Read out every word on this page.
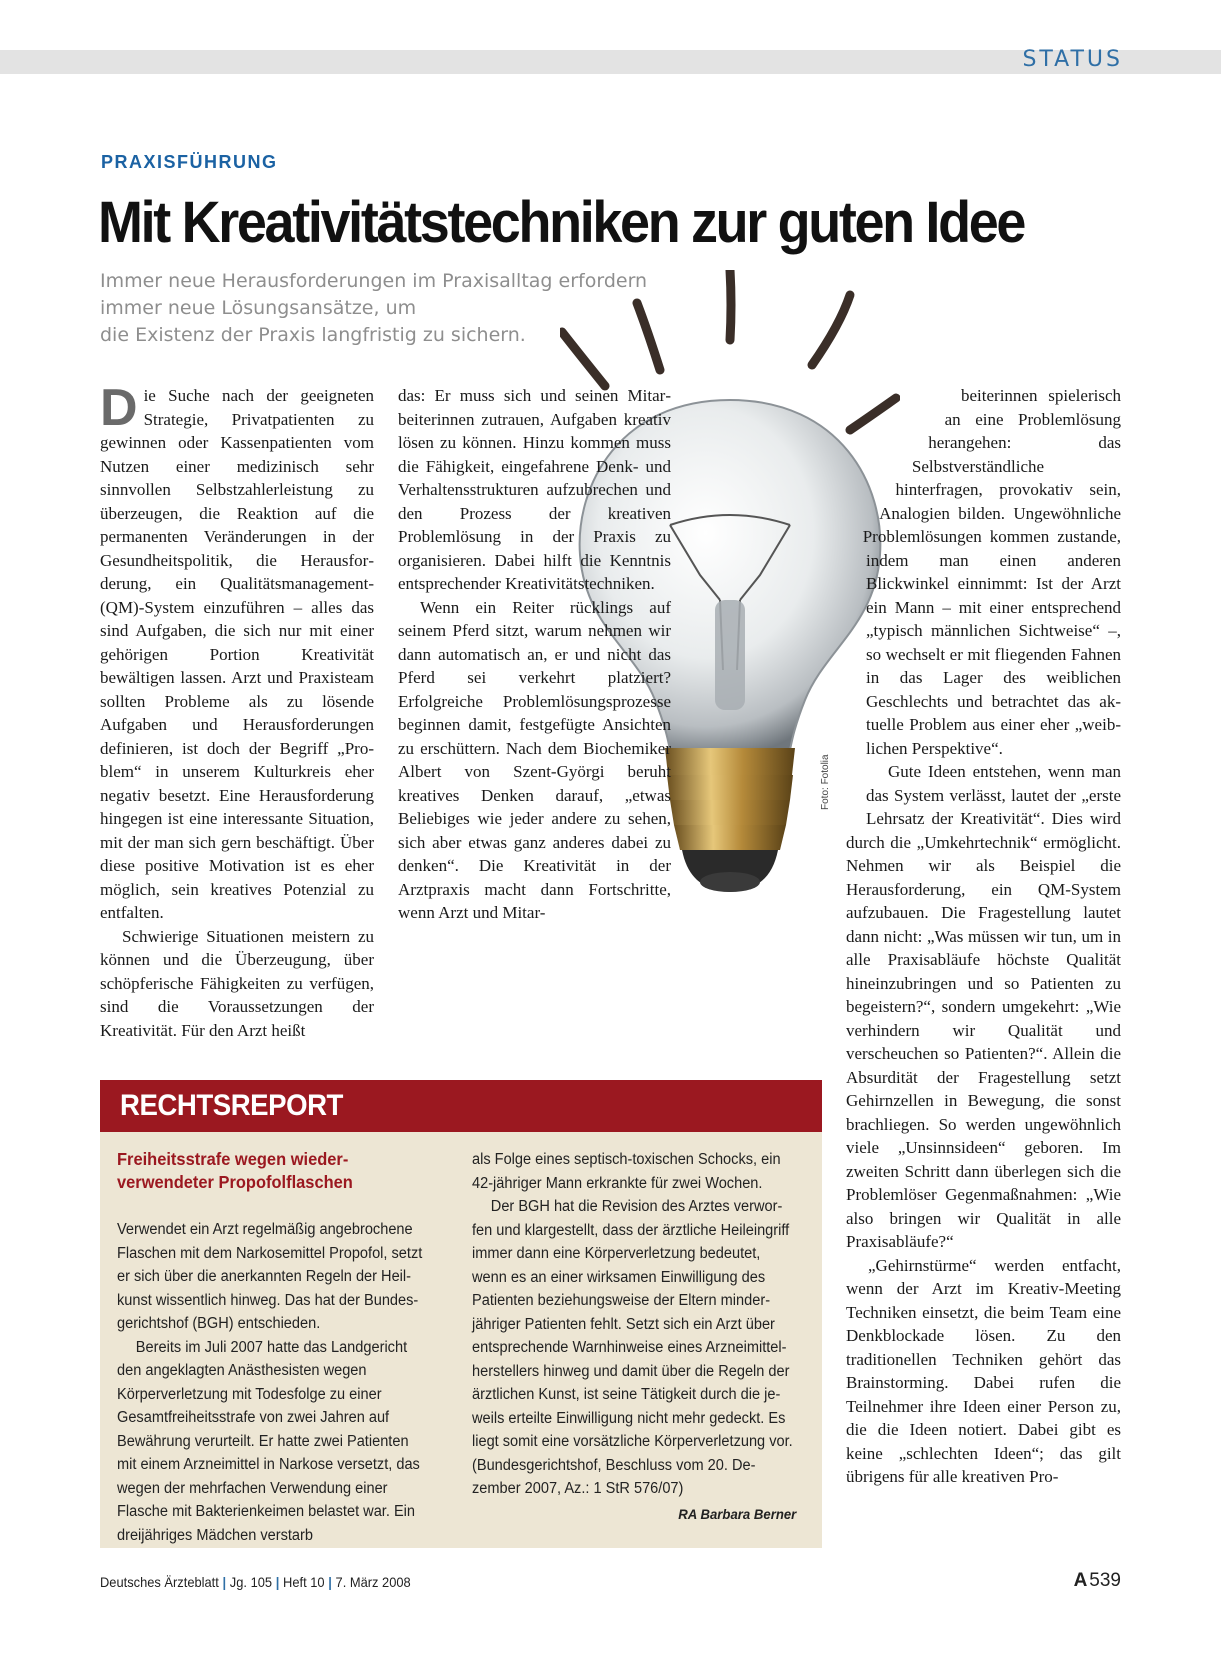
STATUS
PRAXISFÜHRUNG
Mit Kreativitätstechniken zur guten Idee
Immer neue Herausforderungen im Praxisalltag erfordern
immer neue Lösungsansätze, um
die Existenz der Praxis langfristig zu sichern.
Foto: Fotolia

Die Suche nach der geeigneten Strategie, Privatpatienten zu gewinnen oder Kassenpatienten vom Nutzen einer medizinisch sehr sinnvollen Selbstzahlerleistung zu überzeugen, die Reaktion auf die permanenten Veränderungen in der Gesundheitspolitik, die Herausforderung, ein Qualitätsmanagement-(QM)-System einzuführen – alles das sind Aufgaben, die sich nur mit einer gehörigen Portion Kreativität bewältigen lassen. Arzt und Praxisteam sollten Probleme als zu lösende Aufgaben und Herausforderungen definieren, ist doch der Begriff „Problem“ in unserem Kulturkreis eher negativ besetzt. Eine Herausforderung hingegen ist eine interessante Situation, mit der man sich gern beschäftigt. Über diese positive Motivation ist es eher möglich, sein kreatives Potenzial zu entfalten.

Schwierige Situationen meistern zu können und die Überzeugung, über schöpferische Fähigkeiten zu verfügen, sind die Voraussetzungen der Kreativität. Für den Arzt heißt

das: Er muss sich und seinen Mitarbeiterinnen zutrauen, Aufgaben kreativ lösen zu können. Hinzu kommen muss die Fähigkeit, eingefahrene Denk- und Verhaltensstrukturen aufzubrechen und den Prozess der kreativen Problemlösung in der Praxis zu organisieren. Dabei hilft die Kenntnis entsprechender Kreativitätstechniken.

Wenn ein Reiter rücklings auf seinem Pferd sitzt, warum nehmen wir dann automatisch an, er und nicht das Pferd sei verkehrt platziert? Erfolgreiche Problemlösungsprozesse beginnen damit, festgefügte Ansichten zu erschüttern. Nach dem Biochemiker Albert von Szent-Györgi beruht kreatives Denken darauf, „etwas Beliebiges wie jeder andere zu sehen, sich aber etwas ganz anderes dabei zu denken“. Die Kreativität in der Arztpraxis macht dann Fortschritte, wenn Arzt und Mitar-

beiterinnen spielerisch an eine Problemlösung herangehen: das Selbstverständliche hinterfragen, provokativ sein, Analogien bilden. Ungewöhnliche Problemlösungen kommen zustande, indem man einen anderen Blickwinkel einnimmt: Ist der Arzt ein Mann – mit einer entsprechend „typisch männlichen Sichtweise“ –, so wechselt er mit fliegenden Fahnen in das Lager des weiblichen Geschlechts und betrachtet das aktuelle Problem aus einer eher „weiblichen Perspektive“.

Gute Ideen entstehen, wenn man das System verlässt, lautet der „erste Lehrsatz der Kreativität“. Dies wird durch die „Umkehrtechnik“ ermöglicht. Nehmen wir als Beispiel die Herausforderung, ein QM-System aufzubauen. Die Fragestellung lautet dann nicht: „Was müssen wir tun, um in alle Praxisabläufe höchste Qualität hineinzubringen und so Patienten zu begeistern?“, sondern umgekehrt: „Wie verhindern wir Qualität und verscheuchen so Patienten?“. Allein die Absurdität der Fragestellung setzt Gehirnzellen in Bewegung, die sonst brachliegen. So werden ungewöhnlich viele „Unsinnsideen“ geboren. Im zweiten Schritt dann überlegen sich die Problemlöser Gegenmaßnahmen: „Wie also bringen wir Qualität in alle Praxisabläufe?“

„Gehirnstürme“ werden entfacht, wenn der Arzt im Kreativ-Meeting Techniken einsetzt, die beim Team eine Denkblockade lösen. Zu den traditionellen Techniken gehört das Brainstorming. Dabei rufen die Teilnehmer ihre Ideen einer Person zu, die die Ideen notiert. Dabei gibt es keine „schlechten Ideen“; das gilt übrigens für alle kreativen Pro-

RECHTSREPORT
Freiheitsstrafe wegen wiederverwendeter Propofolflaschen

Verwendet ein Arzt regelmäßig angebrochene Flaschen mit dem Narkosemittel Propofol, setzt er sich über die anerkannten Regeln der Heilkunst wissentlich hinweg. Das hat der Bundesgerichtshof (BGH) entschieden.

Bereits im Juli 2007 hatte das Landgericht den angeklagten Anästhesisten wegen Körperverletzung mit Todesfolge zu einer Gesamtfreiheitsstrafe von zwei Jahren auf Bewährung verurteilt. Er hatte zwei Patienten mit einem Arzneimittel in Narkose versetzt, das wegen der mehrfachen Verwendung einer Flasche mit Bakterienkeimen belastet war. Ein dreijähriges Mädchen verstarb

als Folge eines septisch-toxischen Schocks, ein 42-jähriger Mann erkrankte für zwei Wochen.

Der BGH hat die Revision des Arztes verworfen und klargestellt, dass der ärztliche Heileingriff immer dann eine Körperverletzung bedeutet, wenn es an einer wirksamen Einwilligung des Patienten beziehungsweise der Eltern minderjähriger Patienten fehlt. Setzt sich ein Arzt über entsprechende Warnhinweise eines Arzneimittelherstellers hinweg und damit über die Regeln der ärztlichen Kunst, ist seine Tätigkeit durch die jeweils erteilte Einwilligung nicht mehr gedeckt. Es liegt somit eine vorsätzliche Körperverletzung vor. (Bundesgerichtshof, Beschluss vom 20. Dezember 2007, Az.: 1 StR 576/07)

RA Barbara Berner
Deutsches Ärzteblatt | Jg. 105 | Heft 10 | 7. März 2008	A 539
